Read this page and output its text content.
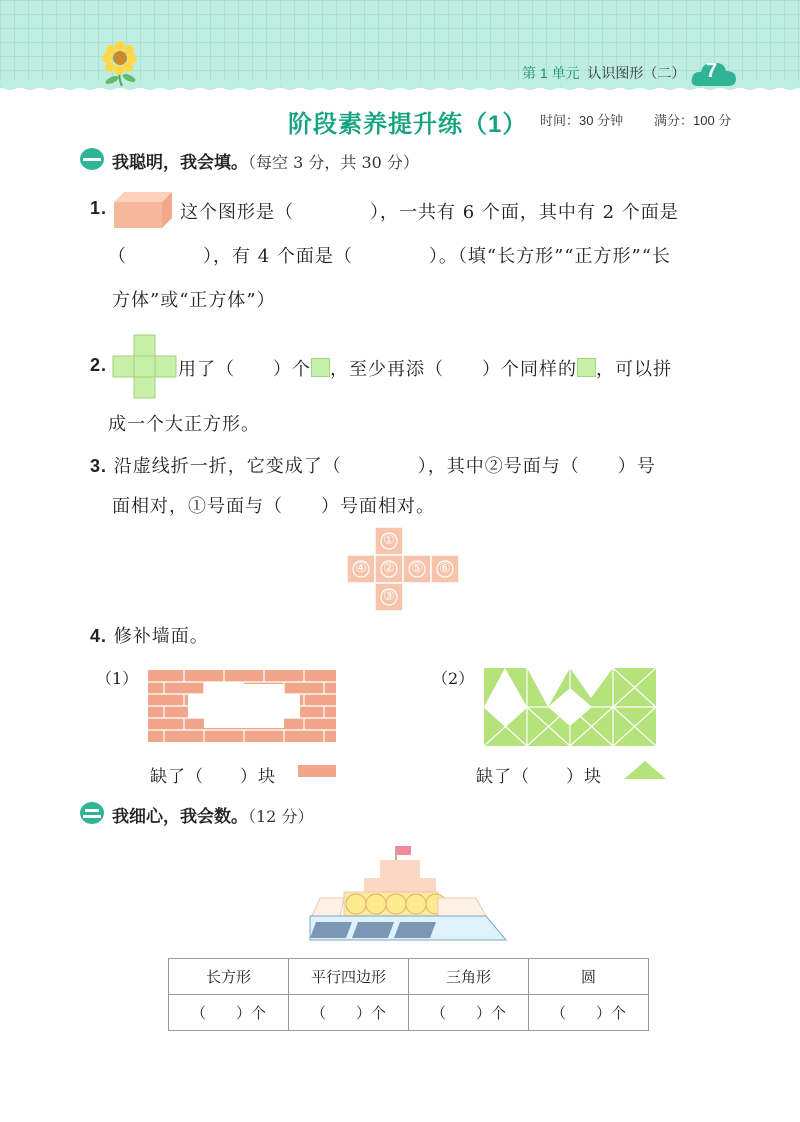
第 1 单元 认识图形（二） 7
阶段素养提升练（1） 时间：30 分钟 满分：100 分
我聪明，我会填。（每空 3 分，共 30 分）
1.	这个图形是（　　　　），一共有 6 个面，其中有 2 个面是
（　　　　），有 4 个面是（　　　　）。（填“长方形”“正方形”“长
方体”或“正方体”）
2.	用了（　　）个 ，至少再添（　　）个同样的 ，可以拼
成一个大正方形。
3. 沿虚线折一折，它变成了（　　　　），其中②号面与（　　）号
面相对，①号面与（　　）号面相对。
①
④ ② ⑤ ⑥
③
4. 修补墙面。
（1）	（2）
缺了（　　）块	缺了（　　）块
我细心，我会数。（12 分）
长方形	平行四边形	三角形	圆
（　　）个	（　　）个	（　　）个	（　　）个
